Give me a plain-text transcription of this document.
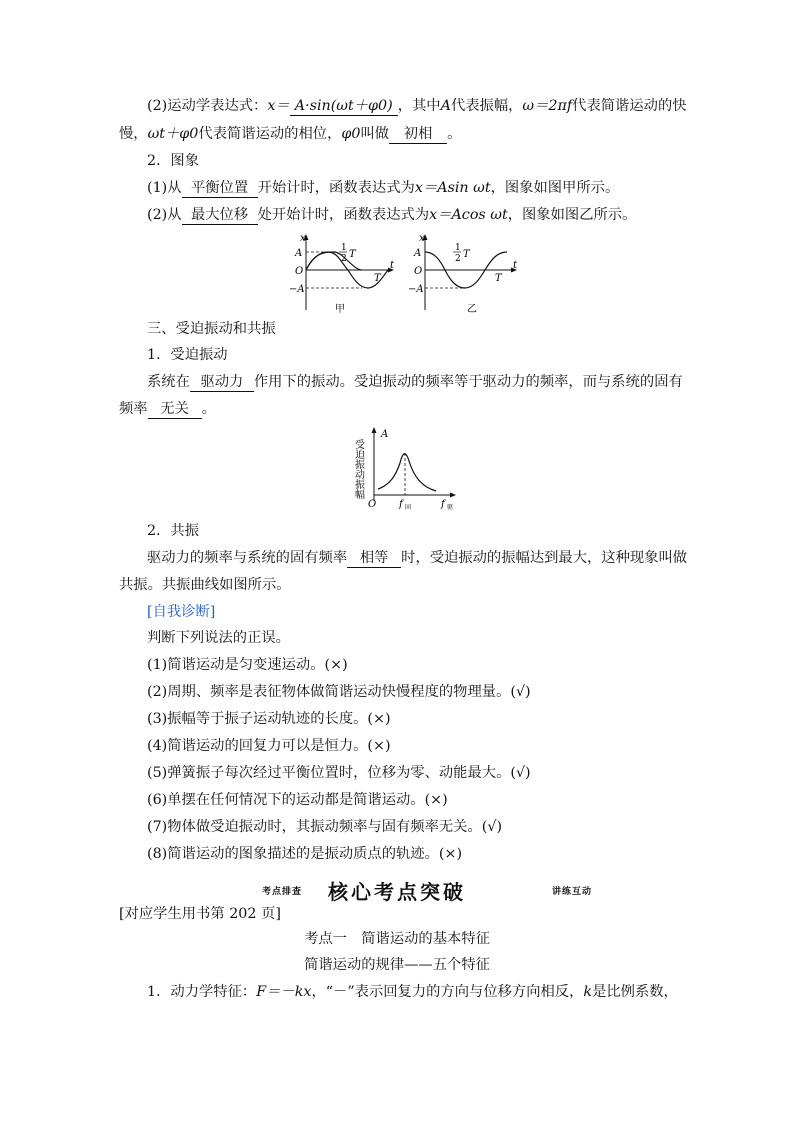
(2)运动学表达式：x＝ A·sin(ωt＋φ0) ，其中A代表振幅，ω＝2πf代表简谐运动的快
慢，ωt＋φ0代表简谐运动的相位，φ0叫做 初相 。
2．图象
(1)从 平衡位置 开始计时，函数表达式为x＝Asin ωt，图象如图甲所示。
(2)从 最大位移 处开始计时，函数表达式为x＝Acos ωt，图象如图乙所示。
x
t
A
O
−A
1
2 T
T
甲
x
t
A
O
−A
1
2 T
T
乙
三、受迫振动和共振
1．受迫振动
系统在 驱动力 作用下的振动。受迫振动的频率等于驱动力的频率，而与系统的固有
频率 无关 。
受迫振动振幅
A
O f 固	f 驱
2．共振
驱动力的频率与系统的固有频率 相等 时，受迫振动的振幅达到最大，这种现象叫做
共振。共振曲线如图所示。
[自我诊断]
判断下列说法的正误。
(1)简谐运动是匀变速运动。(×)
(2)周期、频率是表征物体做简谐运动快慢程度的物理量。(√)
(3)振幅等于振子运动轨迹的长度。(×)
(4)简谐运动的回复力可以是恒力。(×)
(5)弹簧振子每次经过平衡位置时，位移为零、动能最大。(√)
(6)单摆在任何情况下的运动都是简谐运动。(×)
(7)物体做受迫振动时，其振动频率与固有频率无关。(√)
(8)简谐运动的图象描述的是振动质点的轨迹。(×)
考点排查	核心考点突破	讲练互动
[对应学生用书第 202 页]
考点一　简谐运动的基本特征
简谐运动的规律——五个特征
1．动力学特征：F＝－kx，“－”表示回复力的方向与位移方向相反，k是比例系数，
